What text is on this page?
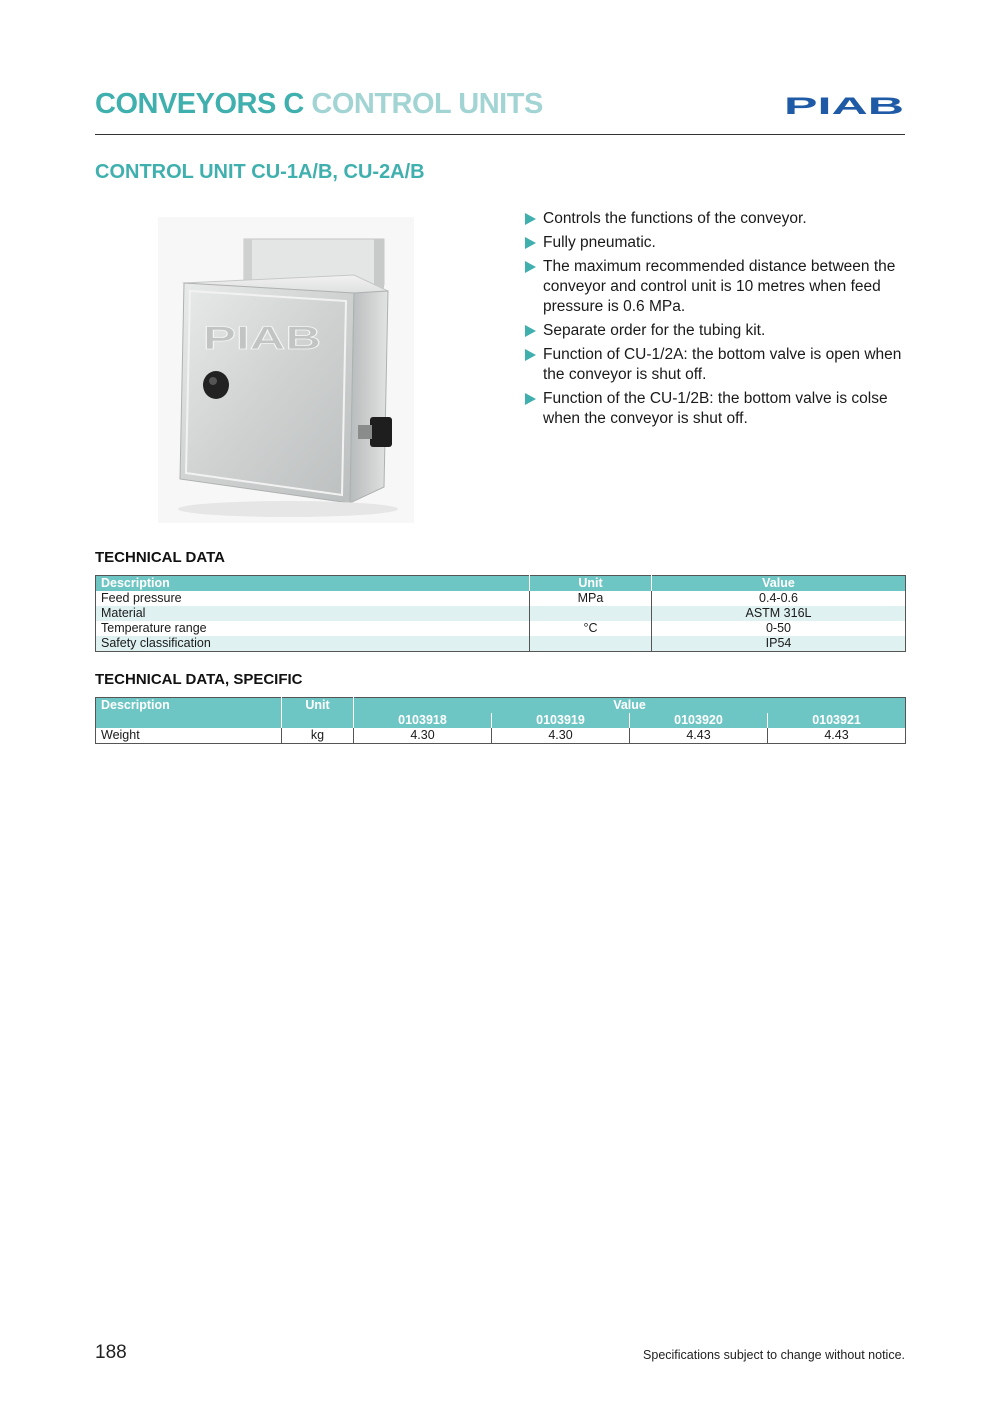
CONVEYORS C CONTROL UNITS	PIAB
CONTROL UNIT CU-1A/B, CU-2A/B
PIAB
Controls the functions of the conveyor.
Fully pneumatic.
The maximum recommended distance between the conveyor and control unit is 10 metres when feed pressure is 0.6 MPa.
Separate order for the tubing kit.
Function of CU-1/2A: the bottom valve is open when the conveyor is shut off.
Function of the CU-1/2B: the bottom valve is colse when the conveyor is shut off.
TECHNICAL DATA
Description	Unit	Value
Feed pressure	MPa	0.4-0.6
Material		ASTM 316L
Temperature range	°C	0-50
Safety classification		IP54
TECHNICAL DATA, SPECIFIC
Description	Unit	Value			
		0103918	0103919	0103920	0103921
Weight	kg	4.30	4.30	4.43	4.43
188	Specifications subject to change without notice.
